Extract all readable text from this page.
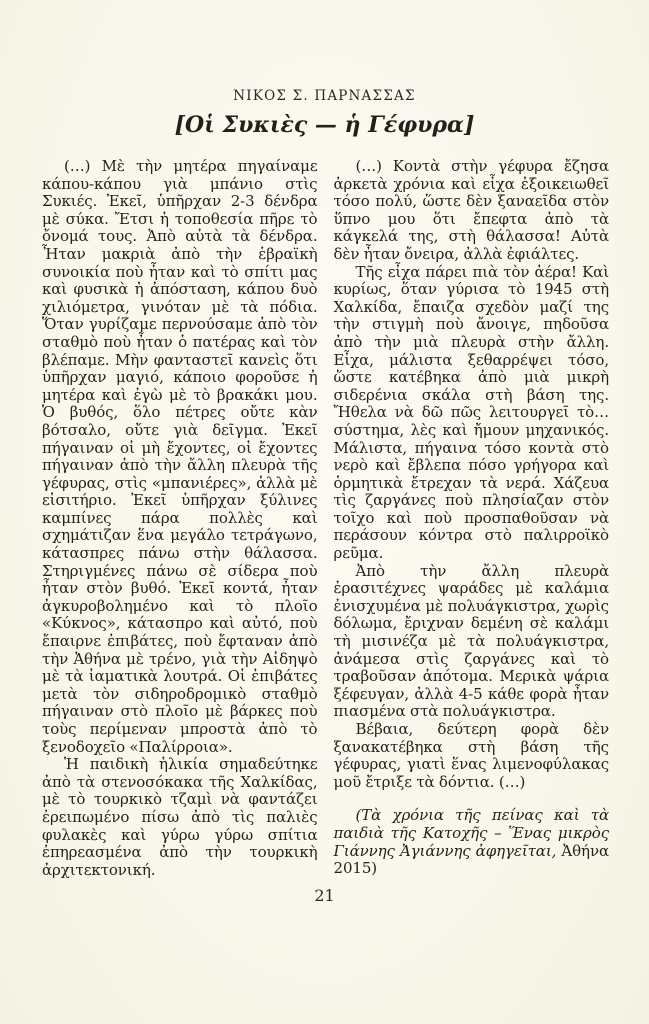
ΝΙΚΟΣ Σ. ΠΑΡΝΑΣΣΑΣ
[Οἱ Συκιὲς — ἡ Γέφυρα]

(…) Μὲ τὴν μητέρα πηγαίναμε κάπου-κάπου γιὰ μπάνιο στὶς Συκιές. Ἐκεῖ, ὑπῆρχαν 2-3 δένδρα μὲ σύκα. Ἔτσι ἡ τοποθεσία πῆρε τὸ ὄνομά τους. Ἀπὸ αὐτὰ τὰ δένδρα. Ἦταν μακριὰ ἀπὸ τὴν ἑβραϊκὴ συνοικία ποὺ ἦταν καὶ τὸ σπίτι μας καὶ φυσικὰ ἡ ἀπόσταση, κάπου δυὸ χιλιόμετρα, γινόταν μὲ τὰ πόδια. Ὅταν γυρίζαμε περνούσαμε ἀπὸ τὸν σταθμὸ ποὺ ἦταν ὁ πατέρας καὶ τὸν βλέπαμε. Μὴν φανταστεῖ κανεὶς ὅτι ὑπῆρχαν μαγιό, κάποιο φοροῦσε ἡ μητέρα καὶ ἐγὼ μὲ τὸ βρακάκι μου. Ὁ βυθός, ὅλο πέτρες οὔτε κὰν βότσαλο, οὔτε γιὰ δεῖγμα. Ἐκεῖ πήγαιναν οἱ μὴ ἔχοντες, οἱ ἔχοντες πήγαιναν ἀπὸ τὴν ἄλλη πλευρὰ τῆς γέφυρας, στὶς «μπανιέρες», ἀλλὰ μὲ εἰσιτήριο. Ἐκεῖ ὑπῆρχαν ξύλινες καμπίνες πάρα πολλὲς καὶ σχημάτιζαν ἕνα μεγάλο τετράγωνο, κάτασπρες πάνω στὴν θάλασσα. Στηριγμένες πάνω σὲ σίδερα ποὺ ἦταν στὸν βυθό. Ἐκεῖ κοντά, ἦταν ἀγκυροβολημένο καὶ τὸ πλοῖο «Κύκνος», κάτασπρο καὶ αὐτό, ποὺ ἔπαιρνε ἐπιβάτες, ποὺ ἔφταναν ἀπὸ τὴν Ἀθήνα μὲ τρένο, γιὰ τὴν Αἰδηψὸ μὲ τὰ ἰαματικὰ λουτρά. Οἱ ἐπιβάτες μετὰ τὸν σιδηροδρομικὸ σταθμὸ πήγαιναν στὸ πλοῖο μὲ βάρκες ποὺ τοὺς περίμεναν μπροστὰ ἀπὸ τὸ ξενοδοχεῖο «Παλίρροια».

Ἡ παιδικὴ ἡλικία σημαδεύτηκε ἀπὸ τὰ στενοσόκακα τῆς Χαλκίδας, μὲ τὸ τουρκικὸ τζαμὶ νὰ φαντάζει ἐρειπωμένο πίσω ἀπὸ τὶς παλιὲς φυλακὲς καὶ γύρω γύρω σπίτια ἐπηρεασμένα ἀπὸ τὴν τουρκικὴ ἀρχιτεκτονική.

(…) Κοντὰ στὴν γέφυρα ἔζησα ἀρκετὰ χρόνια καὶ εἶχα ἐξοικειωθεῖ τόσο πολύ, ὥστε δὲν ξαναεῖδα στὸν ὕπνο μου ὅτι ἔπεφτα ἀπὸ τὰ κάγκελά της, στὴ θάλασσα! Αὐτὰ δὲν ἦταν ὄνειρα, ἀλλὰ ἐφιάλτες.

Τῆς εἶχα πάρει πιὰ τὸν ἀέρα! Καὶ κυρίως, ὅταν γύρισα τὸ 1945 στὴ Χαλκίδα, ἔπαιζα σχεδὸν μαζί της τὴν στιγμὴ ποὺ ἄνοιγε, πηδοῦσα ἀπὸ τὴν μιὰ πλευρὰ στὴν ἄλλη. Εἶχα, μάλιστα ξεθαρρέψει τόσο, ὥστε κατέβηκα ἀπὸ μιὰ μικρὴ σιδερένια σκάλα στὴ βάση της. Ἤθελα νὰ δῶ πῶς λειτουργεῖ τὸ… σύστημα, λὲς καὶ ἤμουν μηχανικός. Μάλιστα, πήγαινα τόσο κοντὰ στὸ νερὸ καὶ ἔβλεπα πόσο γρήγορα καὶ ὁρμητικὰ ἔτρεχαν τὰ νερά. Χάζευα τὶς ζαργάνες ποὺ πλησίαζαν στὸν τοῖχο καὶ ποὺ προσπαθοῦσαν νὰ περάσουν κόντρα στὸ παλιρροϊκὸ ρεῦμα.

Ἀπὸ τὴν ἄλλη πλευρὰ ἐρασιτέχνες ψαράδες μὲ καλάμια ἐνισχυμένα μὲ πολυάγκιστρα, χωρὶς δόλωμα, ἔριχναν δεμένη σὲ καλάμι τὴ μισινέζα μὲ τὰ πολυάγκιστρα, ἀνάμεσα στὶς ζαργάνες καὶ τὸ τραβοῦσαν ἀπότομα. Μερικὰ ψάρια ξέφευγαν, ἀλλὰ 4-5 κάθε φορὰ ἦταν πιασμένα στὰ πολυάγκιστρα.

Βέβαια, δεύτερη φορὰ δὲν ξανακατέβηκα στὴ βάση τῆς γέφυρας, γιατὶ ἕνας λιμενοφύλακας μοῦ ἔτριξε τὰ δόντια. (…)

(Τὰ χρόνια τῆς πείνας καὶ τὰ παιδιὰ τῆς Κατοχῆς – Ἕνας μικρὸς Γιάννης Ἀγιάννης ἀφηγεῖται, Ἀθήνα 2015)

21
